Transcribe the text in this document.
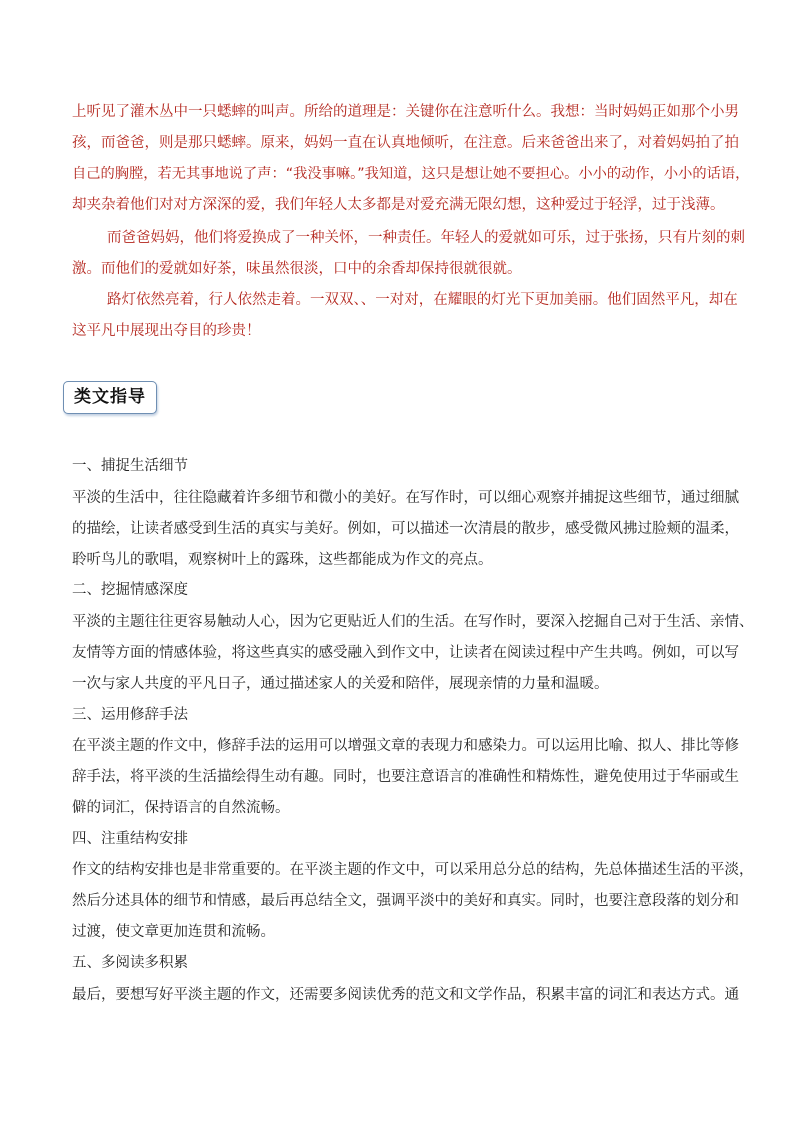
上听见了灌木丛中一只蟋蟀的叫声。所给的道理是：关键你在注意听什么。我想：当时妈妈正如那个小男

孩，而爸爸，则是那只蟋蟀。原来，妈妈一直在认真地倾听，在注意。后来爸爸出来了，对着妈妈拍了拍

自己的胸膛，若无其事地说了声：“我没事嘛。”我知道，这只是想让她不要担心。小小的动作，小小的话语，

却夹杂着他们对对方深深的爱，我们年轻人太多都是对爱充满无限幻想，这种爱过于轻浮，过于浅薄。

而爸爸妈妈，他们将爱换成了一种关怀，一种责任。年轻人的爱就如可乐，过于张扬，只有片刻的刺

激。而他们的爱就如好茶，味虽然很淡，口中的余香却保持很就很就。

路灯依然亮着，行人依然走着。一双双、、一对对，在耀眼的灯光下更加美丽。他们固然平凡，却在

这平凡中展现出夺目的珍贵！

类文指导

一、捕捉生活细节

平淡的生活中，往往隐藏着许多细节和微小的美好。在写作时，可以细心观察并捕捉这些细节，通过细腻

的描绘，让读者感受到生活的真实与美好。例如，可以描述一次清晨的散步，感受微风拂过脸颊的温柔，

聆听鸟儿的歌唱，观察树叶上的露珠，这些都能成为作文的亮点。

二、挖掘情感深度

平淡的主题往往更容易触动人心，因为它更贴近人们的生活。在写作时，要深入挖掘自己对于生活、亲情、

友情等方面的情感体验，将这些真实的感受融入到作文中，让读者在阅读过程中产生共鸣。例如，可以写

一次与家人共度的平凡日子，通过描述家人的关爱和陪伴，展现亲情的力量和温暖。

三、运用修辞手法

在平淡主题的作文中，修辞手法的运用可以增强文章的表现力和感染力。可以运用比喻、拟人、排比等修

辞手法，将平淡的生活描绘得生动有趣。同时，也要注意语言的准确性和精炼性，避免使用过于华丽或生

僻的词汇，保持语言的自然流畅。

四、注重结构安排

作文的结构安排也是非常重要的。在平淡主题的作文中，可以采用总分总的结构，先总体描述生活的平淡，

然后分述具体的细节和情感，最后再总结全文，强调平淡中的美好和真实。同时，也要注意段落的划分和

过渡，使文章更加连贯和流畅。

五、多阅读多积累

最后，要想写好平淡主题的作文，还需要多阅读优秀的范文和文学作品，积累丰富的词汇和表达方式。通
